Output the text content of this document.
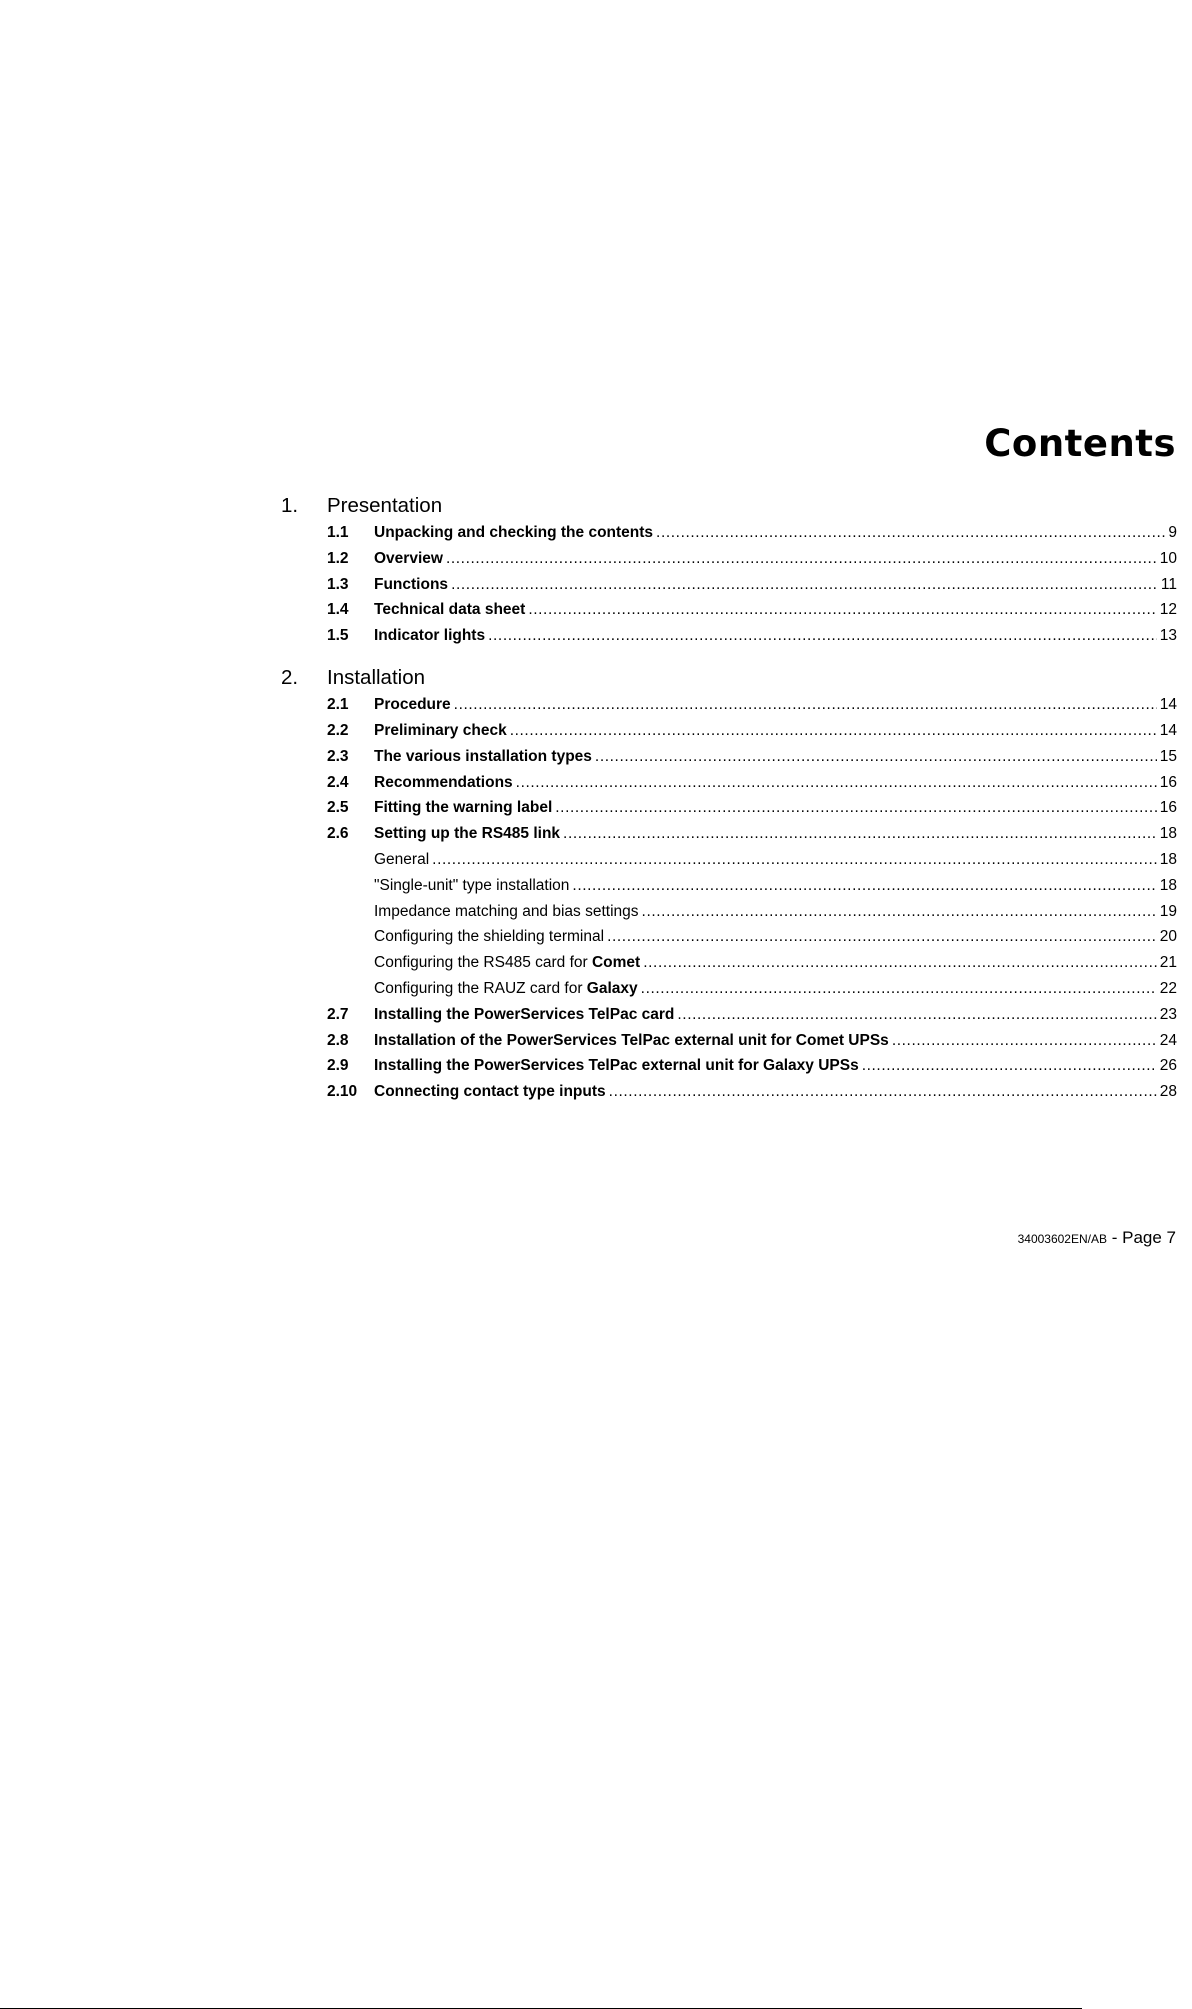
Contents
1. Presentation
1.1	Unpacking and checking the contents .....	9
1.2	Overview .....	10
1.3	Functions .....	11
1.4	Technical data sheet .....	12
1.5	Indicator lights .....	13
2. Installation
2.1	Procedure .....	14
2.2	Preliminary check .....	14
2.3	The various installation types .....	15
2.4	Recommendations .....	16
2.5	Fitting the warning label .....	16
2.6	Setting up the RS485 link .....	18
General .....	18
"Single-unit" type installation .....	18
Impedance matching and bias settings .....	19
Configuring the shielding terminal .....	20
Configuring the RS485 card for Comet .....	21
Configuring the RAUZ card for Galaxy .....	22
2.7	Installing the PowerServices TelPac card .....	23
2.8	Installation of the PowerServices TelPac external unit for Comet UPSs .....	24
2.9	Installing the PowerServices TelPac external unit for Galaxy UPSs .....	26
2.10	Connecting contact type inputs .....	28
34003602EN/AB - Page 7
